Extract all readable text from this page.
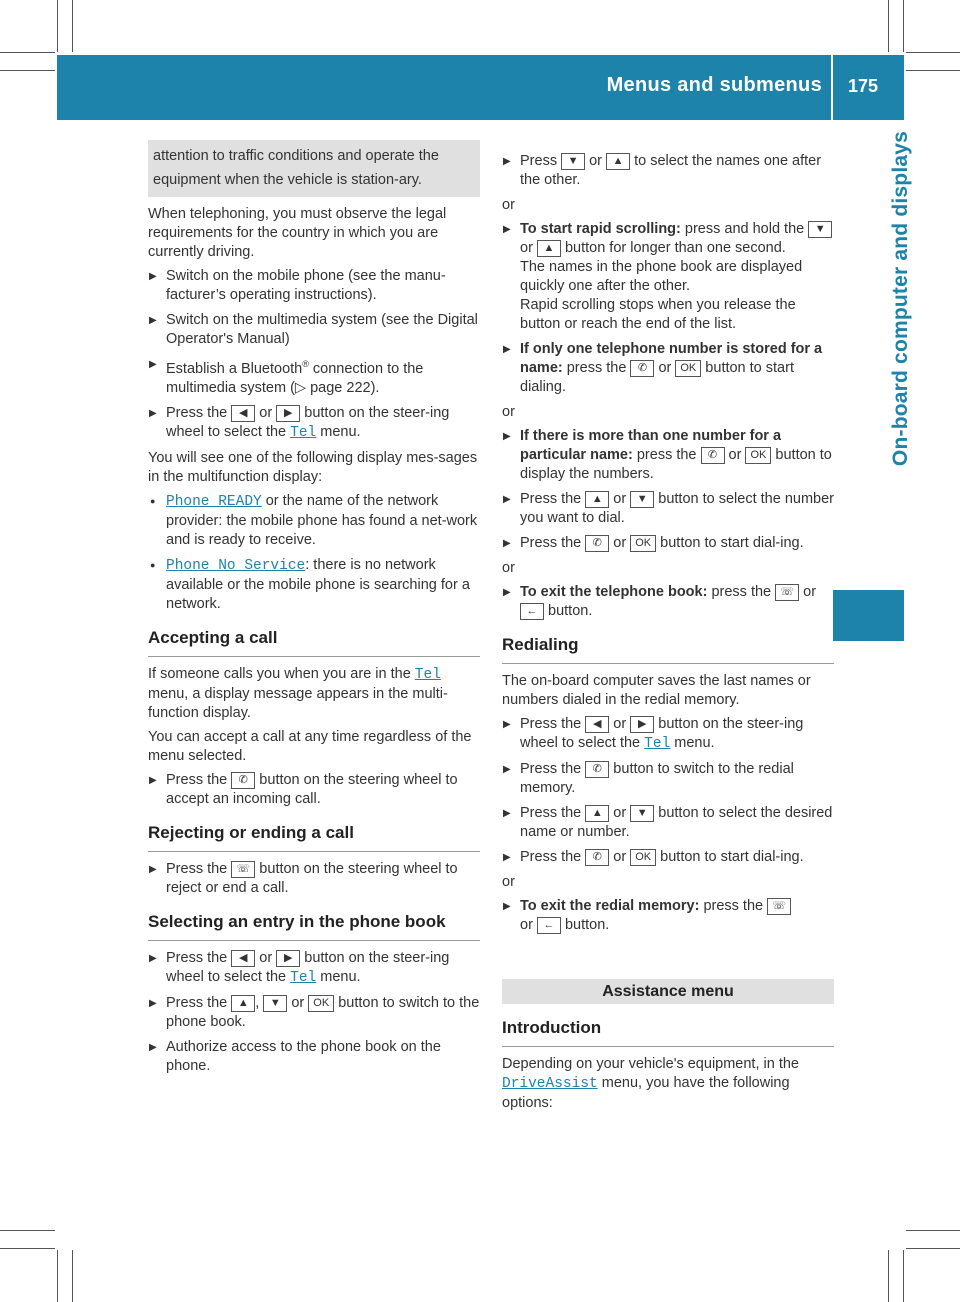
Menus and submenus 175
On-board computer and displays
attention to traffic conditions and operate the equipment when the vehicle is station-ary.

When telephoning, you must observe the legal requirements for the country in which you are currently driving.

▶ Switch on the mobile phone (see the manu-facturer’s operating instructions).
▶ Switch on the multimedia system (see the Digital Operator's Manual)
▶ Establish a Bluetooth® connection to the multimedia system (▷ page 222).
▶ Press the ◀ or ▶ button on the steer-ing wheel to select the Tel menu.

You will see one of the following display mes-sages in the multifunction display:

● Phone READY or the name of the network provider: the mobile phone has found a net-work and is ready to receive.
● Phone No Service: there is no network available or the mobile phone is searching for a network.
Accepting a call

If someone calls you when you are in the Tel menu, a display message appears in the multi-function display.

You can accept a call at any time regardless of the menu selected.

▶ Press the ✆ button on the steering wheel to accept an incoming call.
Rejecting or ending a call
▶ Press the ☏ button on the steering wheel to reject or end a call.
Selecting an entry in the phone book
▶ Press the ◀ or ▶ button on the steer-ing wheel to select the Tel menu.
▶ Press the ▲ , ▼ or OK button to switch to the phone book.
▶ Authorize access to the phone book on the phone.
▶ Press ▼ or ▲ to select the names one after the other.

or

▶ To start rapid scrolling: press and hold the ▼ or ▲ button for longer than one second.
The names in the phone book are displayed quickly one after the other.
Rapid scrolling stops when you release the button or reach the end of the list.
▶ If only one telephone number is stored for a name: press the ✆ or OK button to start dialing.

or

▶ If there is more than one number for a particular name: press the ✆ or OK button to display the numbers.
▶ Press the ▲ or ▼ button to select the number you want to dial.
▶ Press the ✆ or OK button to start dial-ing.

or

▶ To exit the telephone book: press the ☏ or ← button.
Redialing

The on-board computer saves the last names or numbers dialed in the redial memory.

▶ Press the ◀ or ▶ button on the steer-ing wheel to select the Tel menu.
▶ Press the ✆ button to switch to the redial memory.
▶ Press the ▲ or ▼ button to select the desired name or number.
▶ Press the ✆ or OK button to start dial-ing.

or

▶ To exit the redial memory: press the ☏
or ← button.
Assistance menu
Introduction

Depending on your vehicle's equipment, in the DriveAssist menu, you have the following options:
